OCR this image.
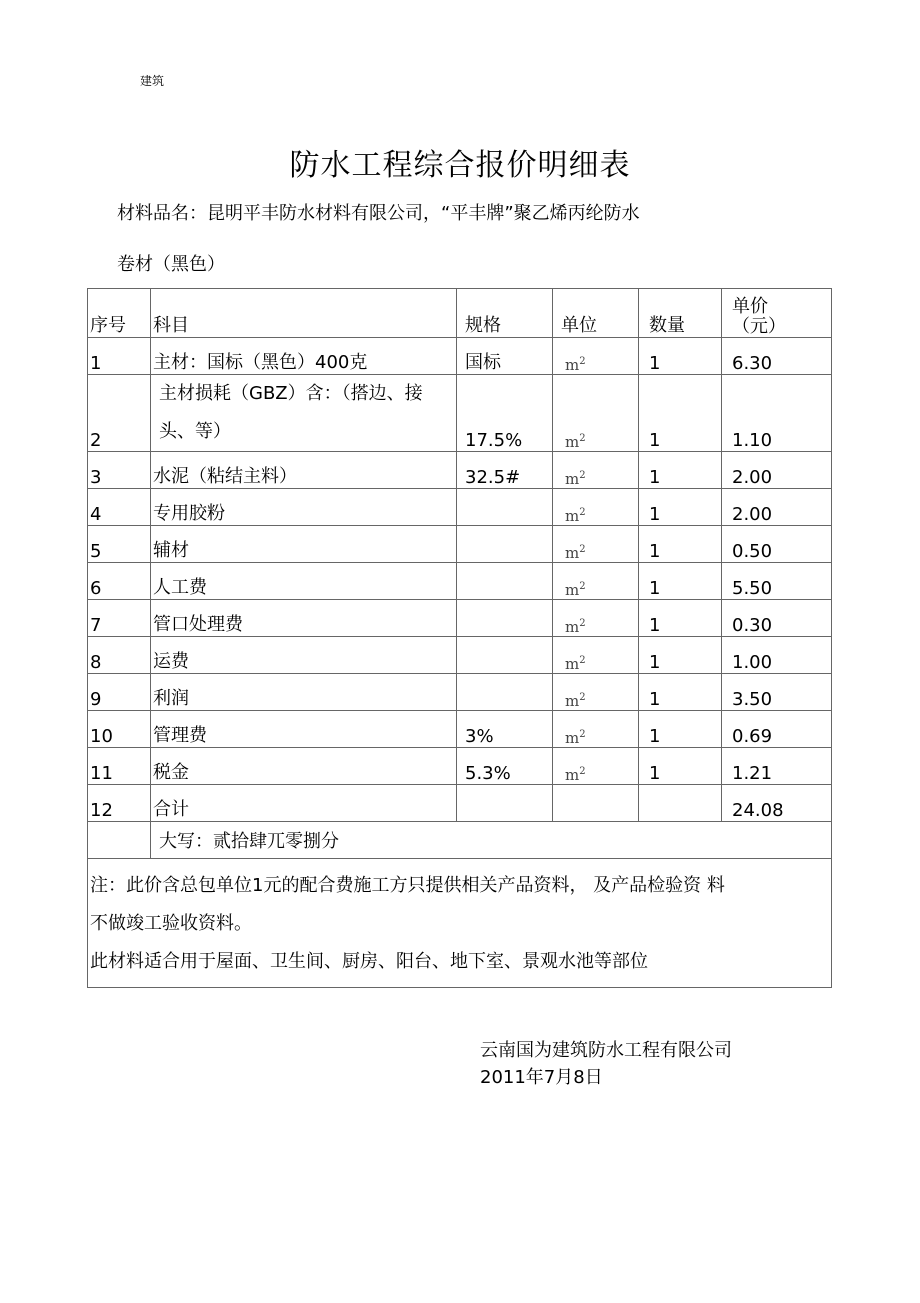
建筑
防水工程综合报价明细表
材料品名：昆明平丰防水材料有限公司，“平丰牌”聚乙烯丙纶防水
卷材（黑色）
序号	科目	规格	单位	数量	单价
（元）

1	主材：国标（黑色）400克	国标	$m^2$	1	6.30
2	主材损耗（GBZ）含：（搭边、接头、等）	17.5%	$m^2$	1	1.10
3	水泥（粘结主料）	32.5#	$m^2$	1	2.00
4	专用胶粉		$m^2$	1	2.00
5	辅材		$m^2$	1	0.50
6	人工费		$m^2$	1	5.50
7	管口处理费		$m^2$	1	0.30
8	运费		$m^2$	1	1.00
9	利润		$m^2$	1	3.50
10	管理费	3%	$m^2$	1	0.69
11	税金	5.3%	$m^2$	1	1.21
12	合计				24.08
	大写：贰拾肆兀零捌分				

注：此价含总包单位1元的配合费施工方只提供相关产品资料， 及产品检验资 料
不做竣工验收资料。
此材料适合用于屋面、卫生间、厨房、阳台、地下室、景观水池等部位					
云南国为建筑防水工程有限公司
2011年7月8日
